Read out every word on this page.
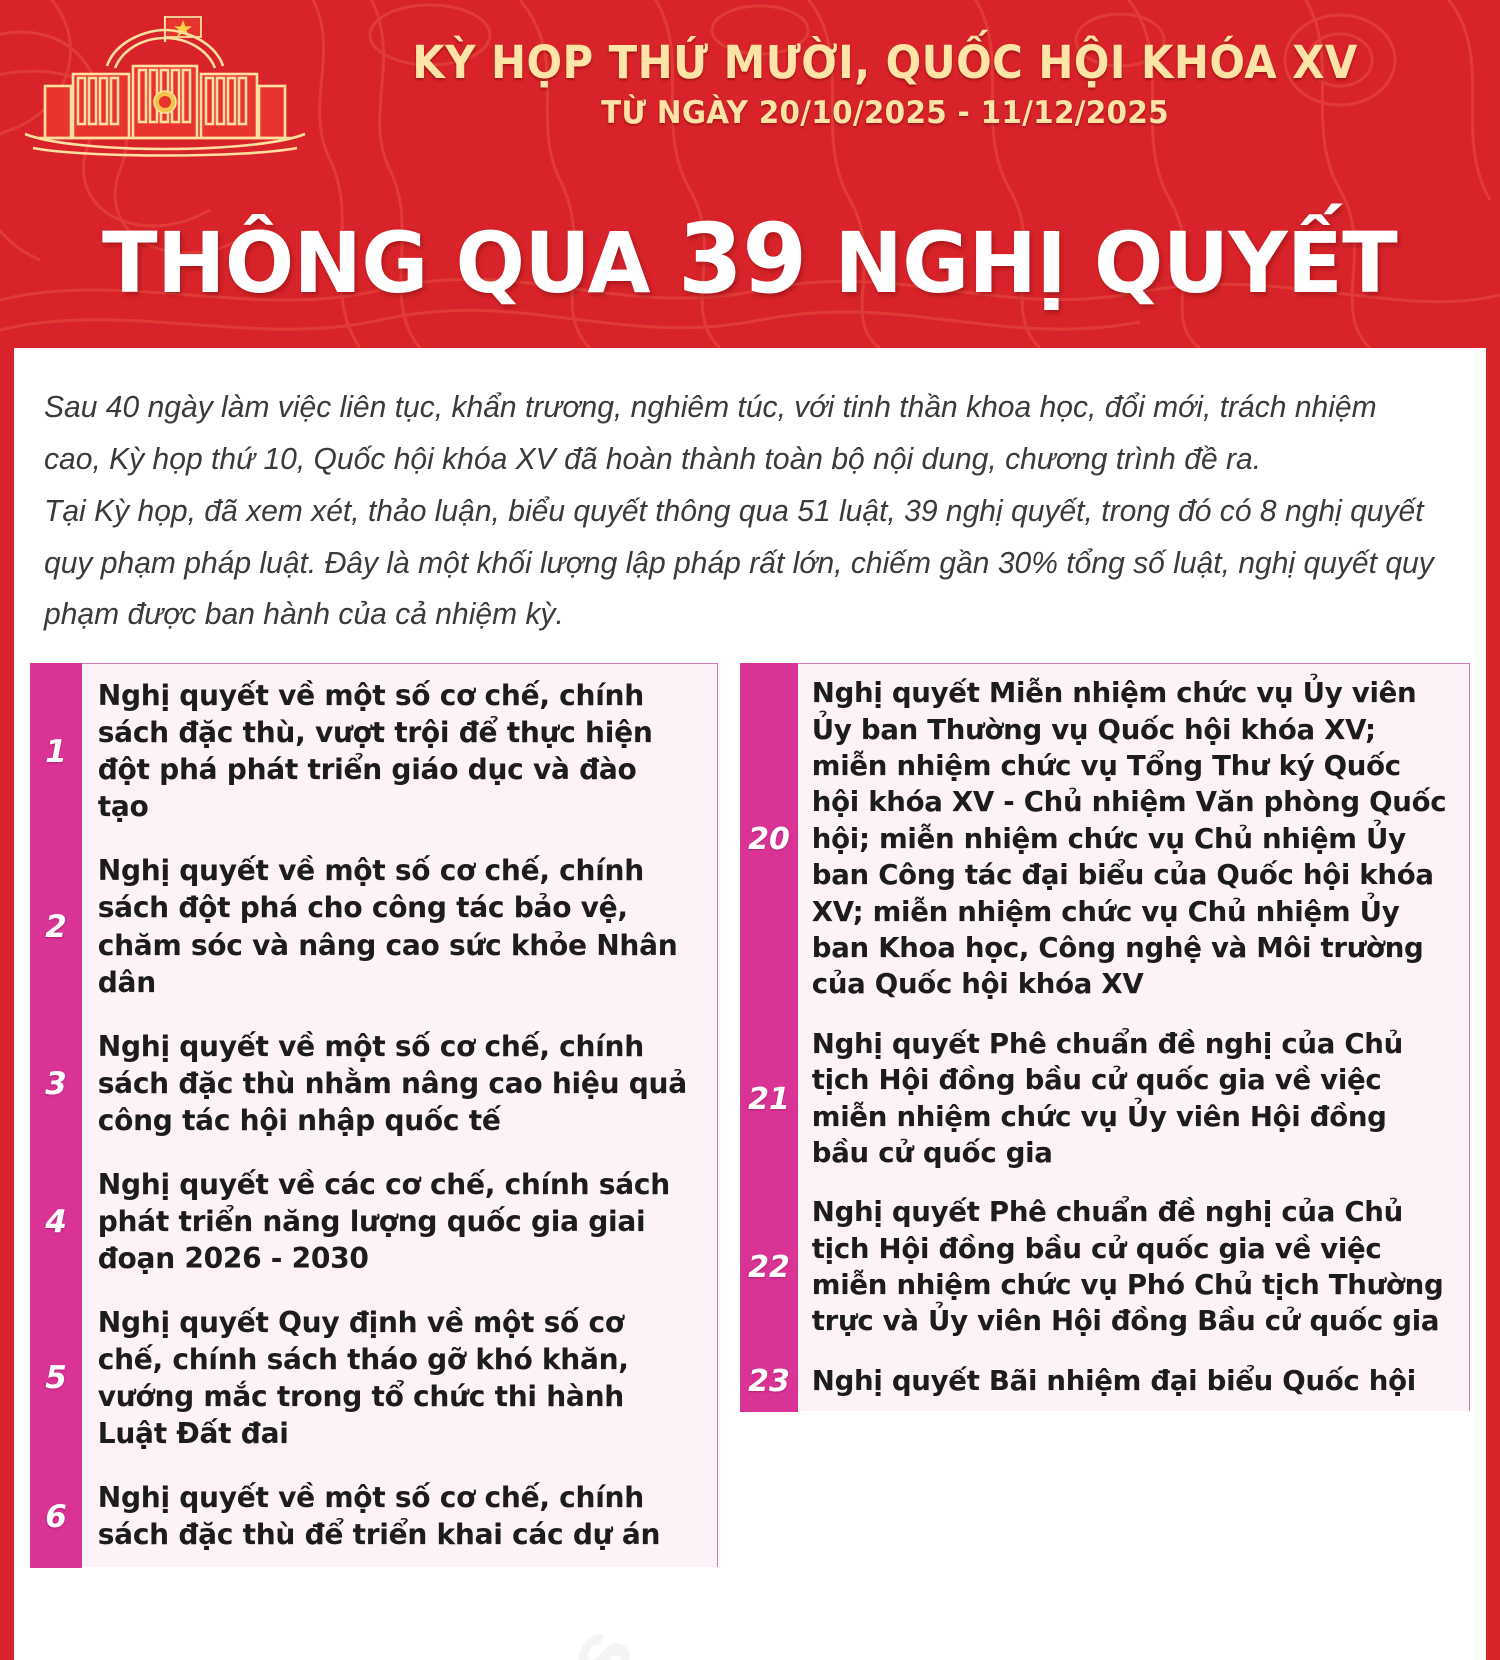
KỲ HỌP THỨ MƯỜI, QUỐC HỘI KHÓA XV
TỪ NGÀY 20/10/2025 - 11/12/2025
THÔNG QUA 39 NGHỊ QUYẾT

Sau 40 ngày làm việc liên tục, khẩn trương, nghiêm túc, với tinh thần khoa học, đổi mới, trách nhiệm cao, Kỳ họp thứ 10, Quốc hội khóa XV đã hoàn thành toàn bộ nội dung, chương trình đề ra.

Tại Kỳ họp, đã xem xét, thảo luận, biểu quyết thông qua 51 luật, 39 nghị quyết, trong đó có 8 nghị quyết quy phạm pháp luật. Đây là một khối lượng lập pháp rất lớn, chiếm gần 30% tổng số luật, nghị quyết quy phạm được ban hành của cả nhiệm kỳ.

1
Nghị quyết về một số cơ chế, chính sách đặc thù, vượt trội để thực hiện đột phá phát triển giáo dục và đào tạo
2
Nghị quyết về một số cơ chế, chính sách đột phá cho công tác bảo vệ, chăm sóc và nâng cao sức khỏe Nhân dân
3
Nghị quyết về một số cơ chế, chính sách đặc thù nhằm nâng cao hiệu quả công tác hội nhập quốc tế
4
Nghị quyết về các cơ chế, chính sách phát triển năng lượng quốc gia giai đoạn 2026 - 2030
5
Nghị quyết Quy định về một số cơ chế, chính sách tháo gỡ khó khăn, vướng mắc trong tổ chức thi hành Luật Đất đai
6
Nghị quyết về một số cơ chế, chính sách đặc thù để triển khai các dự án
20
Nghị quyết Miễn nhiệm chức vụ Ủy viên Ủy ban Thường vụ Quốc hội khóa XV; miễn nhiệm chức vụ Tổng Thư ký Quốc hội khóa XV - Chủ nhiệm Văn phòng Quốc hội; miễn nhiệm chức vụ Chủ nhiệm Ủy ban Công tác đại biểu của Quốc hội khóa XV; miễn nhiệm chức vụ Chủ nhiệm Ủy ban Khoa học, Công nghệ và Môi trường của Quốc hội khóa XV
21
Nghị quyết Phê chuẩn đề nghị của Chủ tịch Hội đồng bầu cử quốc gia về việc miễn nhiệm chức vụ Ủy viên Hội đồng bầu cử quốc gia
22
Nghị quyết Phê chuẩn đề nghị của Chủ tịch Hội đồng bầu cử quốc gia về việc miễn nhiệm chức vụ Phó Chủ tịch Thường trực và Ủy viên Hội đồng Bầu cử quốc gia
23 Nghị quyết Bãi nhiệm đại biểu Quốc hội
